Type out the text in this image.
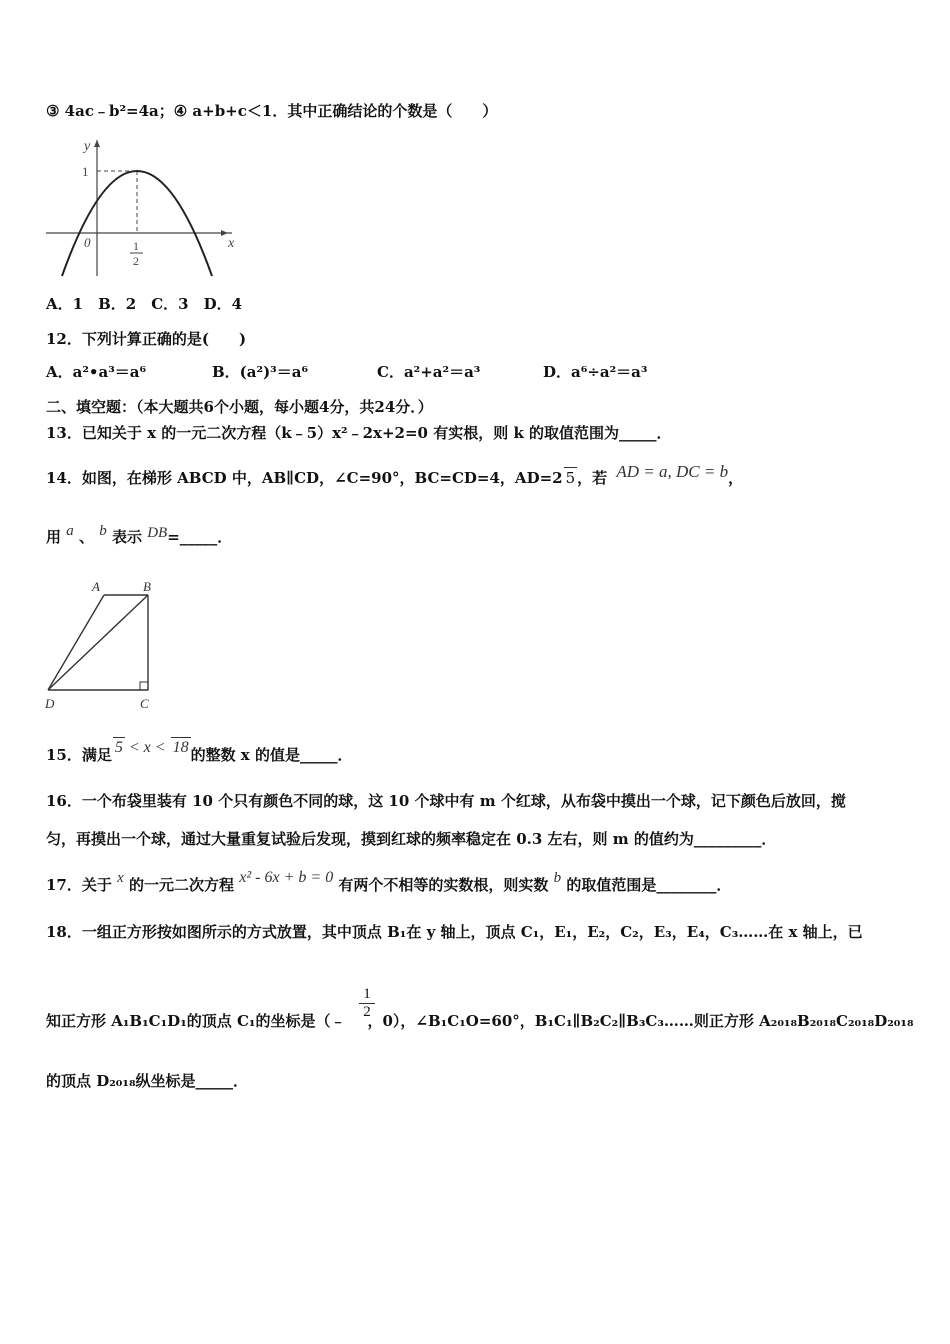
③ 4ac﹣b²=4a；④ a+b+c＜1．其中正确结论的个数是（　　）
y
1
0	1
2
x
A．1　B．2　C．3　D．4
12．下列计算正确的是(　　)
A．a²•a³＝a⁶	B．(a²)³＝a⁶	C．a²+a²＝a³	D．a⁶÷a²＝a³
二、填空题：（本大题共6个小题，每小题4分，共24分．）
13．已知关于 x 的一元二次方程（k﹣5）x²﹣2x+2=0 有实根，则 k 的取值范围为_____．
14．如图，在梯形 ABCD 中，AB∥CD，∠C=90°，BC=CD=4，AD=2 5 ，若 AD = a, DC = b，
用 a 、 b 表示 DB=_____．
A	B
C
D
15．满足 5 < x < 18 的整数 x 的值是_____．
16．一个布袋里装有 10 个只有颜色不同的球，这 10 个球中有 m 个红球，从布袋中摸出一个球，记下颜色后放回，搅
匀，再摸出一个球，通过大量重复试验后发现，摸到红球的频率稳定在 0.3 左右，则 m 的值约为_________．
17．关于 x 的一元二次方程 x² - 6x + b = 0 有两个不相等的实数根，则实数 b 的取值范围是________．
18．一组正方形按如图所示的方式放置，其中顶点 B₁在 y 轴上，顶点 C₁，E₁，E₂，C₂，E₃，E₄，C₃……在 x 轴上，已
知正方形 A₁B₁C₁D₁的顶点 C₁的坐标是（﹣ ，0），∠B₁C₁O=60°，B₁C₁∥B₂C₂∥B₃C₃……则正方形 A₂₀₁₈B₂₀₁₈C₂₀₁₈D₂₀₁₈
$\frac{1}{2}$
的顶点 D₂₀₁₈纵坐标是_____．
